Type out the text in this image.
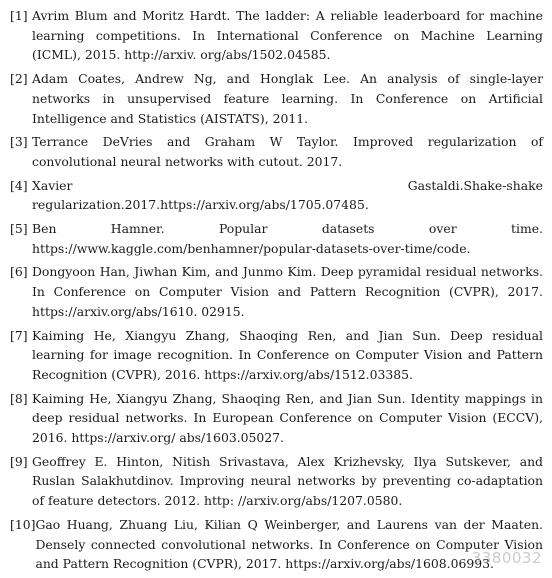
[1] Avrim Blum and Moritz Hardt. The ladder: A reliable leaderboard for machine learning competitions. In International Conference on Machine Learning (ICML), 2015. http://arxiv. org/abs/1502.04585.
[2] Adam Coates, Andrew Ng, and Honglak Lee. An analysis of single-layer networks in unsupervised feature learning. In Conference on Artificial Intelligence and Statistics (AISTATS), 2011.
[3] Terrance DeVries and Graham W Taylor. Improved regularization of convolutional neural networks with cutout. 2017.
[4] Xavier Gastaldi.Shake-shake regularization.2017.https://arxiv.org/abs/1705.07485.
[5] Ben Hamner. Popular datasets over time. https://www.kaggle.com/benhamner/popular-datasets-over-time/code.
[6] Dongyoon Han, Jiwhan Kim, and Junmo Kim. Deep pyramidal residual networks. In Conference on Computer Vision and Pattern Recognition (CVPR), 2017. https://arxiv.org/abs/1610. 02915.
[7] Kaiming He, Xiangyu Zhang, Shaoqing Ren, and Jian Sun. Deep residual learning for image recognition. In Conference on Computer Vision and Pattern Recognition (CVPR), 2016. https://arxiv.org/abs/1512.03385.
[8] Kaiming He, Xiangyu Zhang, Shaoqing Ren, and Jian Sun. Identity mappings in deep residual networks. In European Conference on Computer Vision (ECCV), 2016. https://arxiv.org/ abs/1603.05027.
[9] Geoffrey E. Hinton, Nitish Srivastava, Alex Krizhevsky, Ilya Sutskever, and Ruslan Salakhutdinov. Improving neural networks by preventing co-adaptation of feature detectors. 2012. http: //arxiv.org/abs/1207.0580.
[10] Gao Huang, Zhuang Liu, Kilian Q Weinberger, and Laurens van der Maaten. Densely connected convolutional networks. In Conference on Computer Vision and Pattern Recognition (CVPR), 2017. https://arxiv.org/abs/1608.06993.
3380032
